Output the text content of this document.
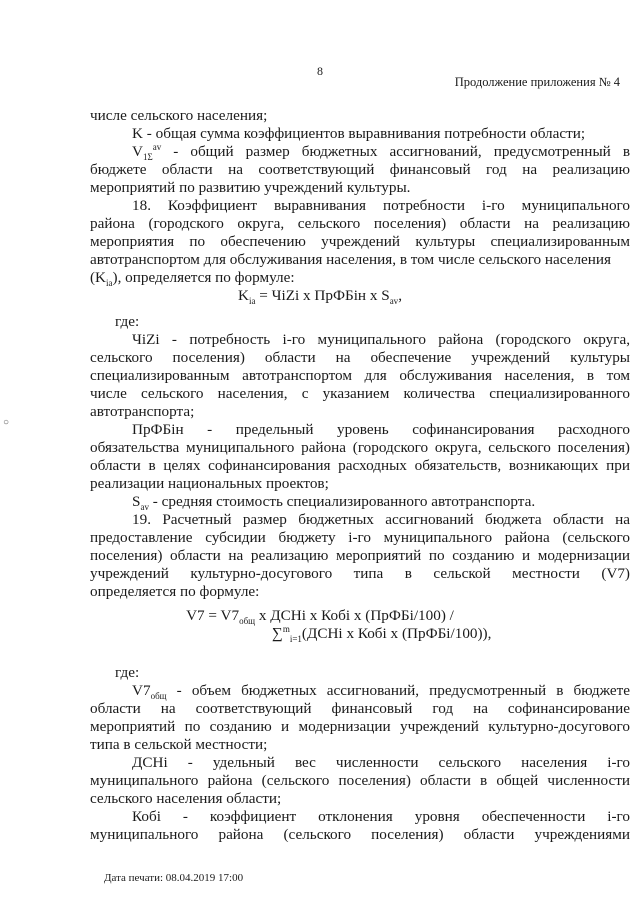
8
Продолжение приложения № 4
числе сельского населения;
K - общая сумма коэффициентов выравнивания потребности области;
$V_{1\Sigma}^{av}$ - общий размер бюджетных ассигнований, предусмотренный в
бюджете области на соответствующий финансовый год на реализацию
мероприятий по развитию учреждений культуры.
18. Коэффициент выравнивания потребности i-го муниципального
района (городского округа, сельского поселения) области на реализацию
мероприятия по обеспечению учреждений культуры специализированным
автотранспортом для обслуживания населения, в том числе сельского населения
$(K_{ia})$, определяется по формуле:
$K_{ia}$ = ЧiZi x ПрФБiн x $S_{av}$,
где:
ЧiZi - потребность i-го муниципального района (городского округа,
сельского поселения) области на обеспечение учреждений культуры
специализированным автотранспортом для обслуживания населения, в том
числе сельского населения, с указанием количества специализированного
автотранспорта;
ПрФБiн - предельный уровень софинансирования расходного
обязательства муниципального района (городского округа, сельского поселения)
области в целях софинансирования расходных обязательств, возникающих при
реализации национальных проектов;
$S_{av}$ - средняя стоимость специализированного автотранспорта.
19. Расчетный размер бюджетных ассигнований бюджета области на
предоставление субсидии бюджету i-го муниципального района (сельского
поселения) области на реализацию мероприятий по созданию и модернизации
учреждений культурно-досугового типа в сельской местности (V7)
определяется по формуле:
$V7 = V7_{общ}$ x ДСНi x Кобi x (ПрФБi/100) /
∑$^m_{i=1}$(ДСНi x Кобi x (ПрФБi/100)),
где:
$V7_{общ}$ - объем бюджетных ассигнований, предусмотренный в бюджете
области на соответствующий финансовый год на софинансирование
мероприятий по созданию и модернизации учреждений культурно-досугового
типа в сельской местности;
ДСНi - удельный вес численности сельского населения i-го
муниципального района (сельского поселения) области в общей численности
сельского населения области;
Кобi - коэффициент отклонения уровня обеспеченности i-го
муниципального района (сельского поселения) области учреждениями
Дата печати: 08.04.2019 17:00
○
